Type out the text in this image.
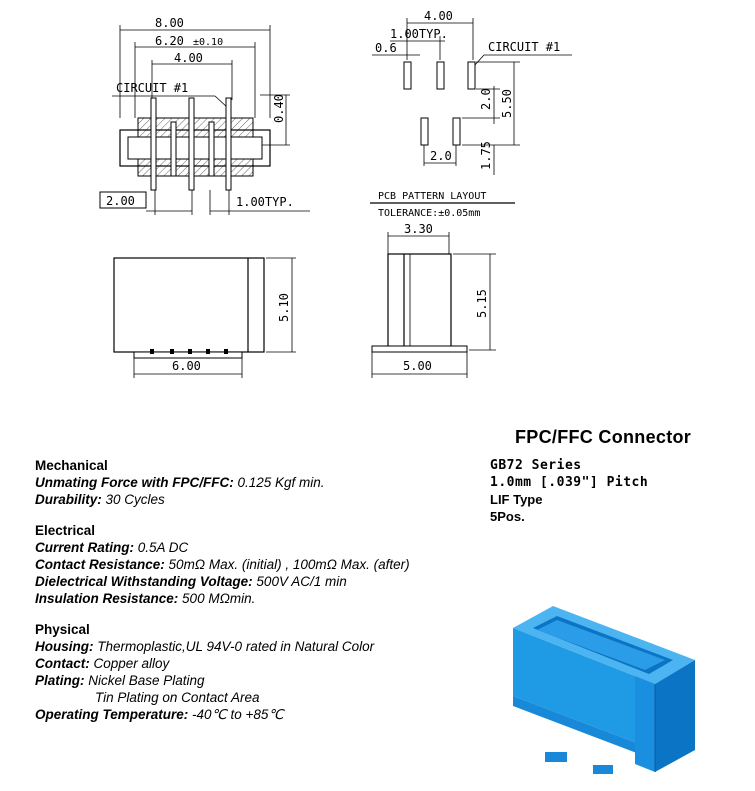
8.00
6.20 ±0.10
4.00
CIRCUIT #1
0.40
2.00	1.00TYP.
4.00
1.00TYP.
0.6	CIRCUIT #1
2.0 5.50
1.75
2.0
PCB PATTERN LAYOUT
TOLERANCE:±0.05mm
5.10
6.00
3.30
5.15
5.00
FPC/FFC Connector
GB72 Series
1.0mm [.039"] Pitch
LIF Type
5Pos.
Mechanical
Unmating Force with FPC/FFC: 0.125 Kgf min.
Durability: 30 Cycles
Electrical
Current Rating: 0.5A DC
Contact Resistance: 50mΩ Max. (initial) , 100mΩ Max. (after)
Dielectrical Withstanding Voltage: 500V AC/1 min
Insulation Resistance: 500 MΩmin.
Physical
Housing: Thermoplastic,UL 94V-0 rated in Natural Color
Contact: Copper alloy
Plating: Nickel Base Plating
Tin Plating on Contact Area
Operating Temperature: -40℃ to +85℃
